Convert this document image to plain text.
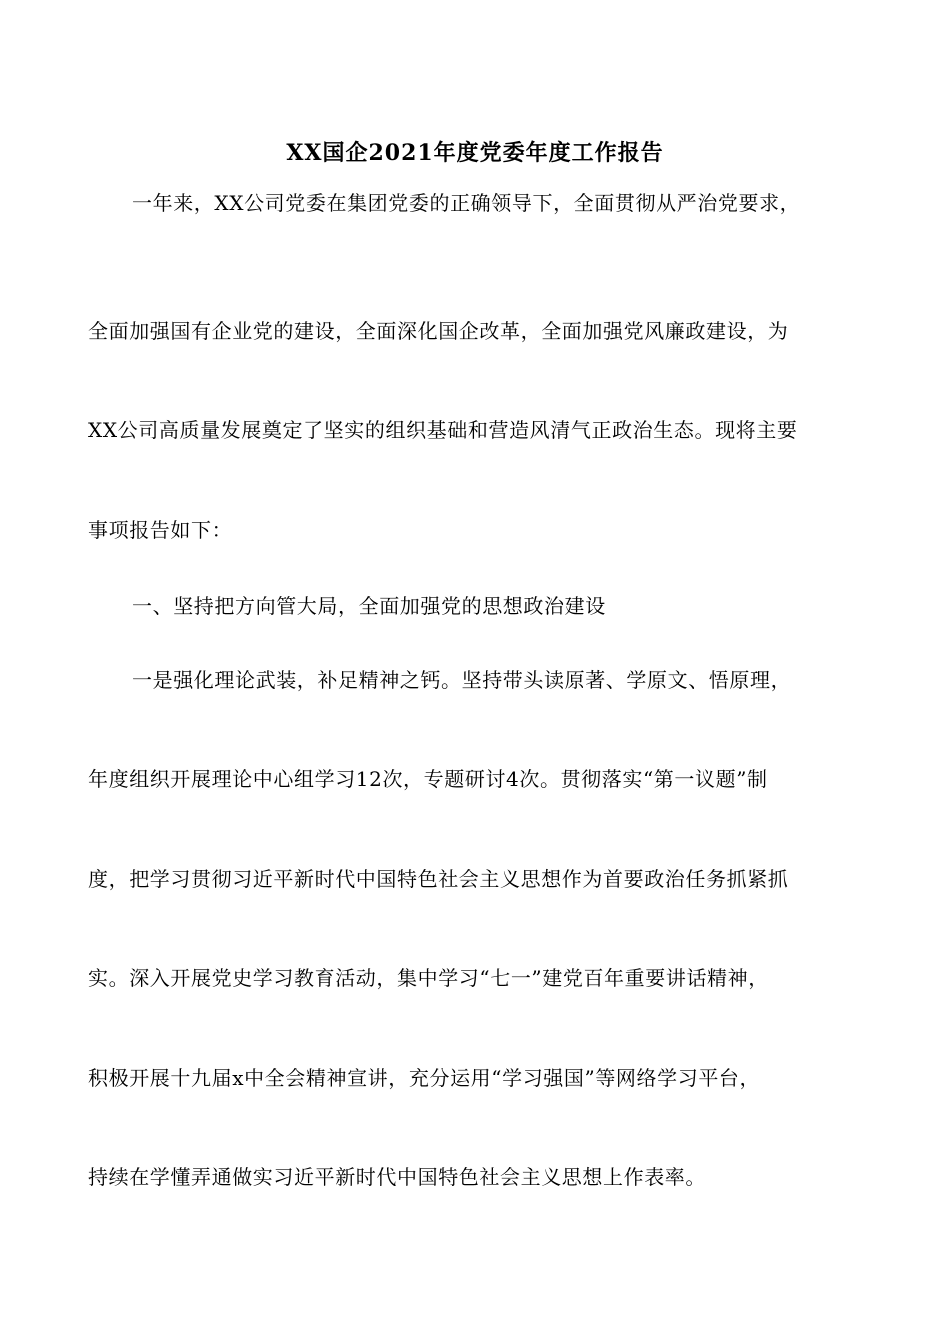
XX国企2021年度党委年度工作报告
一年来，XX公司党委在集团党委的正确领导下，全面贯彻从严治党要求，
全面加强国有企业党的建设，全面深化国企改革，全面加强党风廉政建设，为
XX公司高质量发展奠定了坚实的组织基础和营造风清气正政治生态。现将主要
事项报告如下：
一、坚持把方向管大局，全面加强党的思想政治建设
一是强化理论武装，补足精神之钙。坚持带头读原著、学原文、悟原理，
年度组织开展理论中心组学习12次，专题研讨4次。贯彻落实“第一议题”制
度，把学习贯彻习近平新时代中国特色社会主义思想作为首要政治任务抓紧抓
实。深入开展党史学习教育活动，集中学习“七一”建党百年重要讲话精神，
积极开展十九届x中全会精神宣讲，充分运用“学习强国”等网络学习平台，
持续在学懂弄通做实习近平新时代中国特色社会主义思想上作表率。
